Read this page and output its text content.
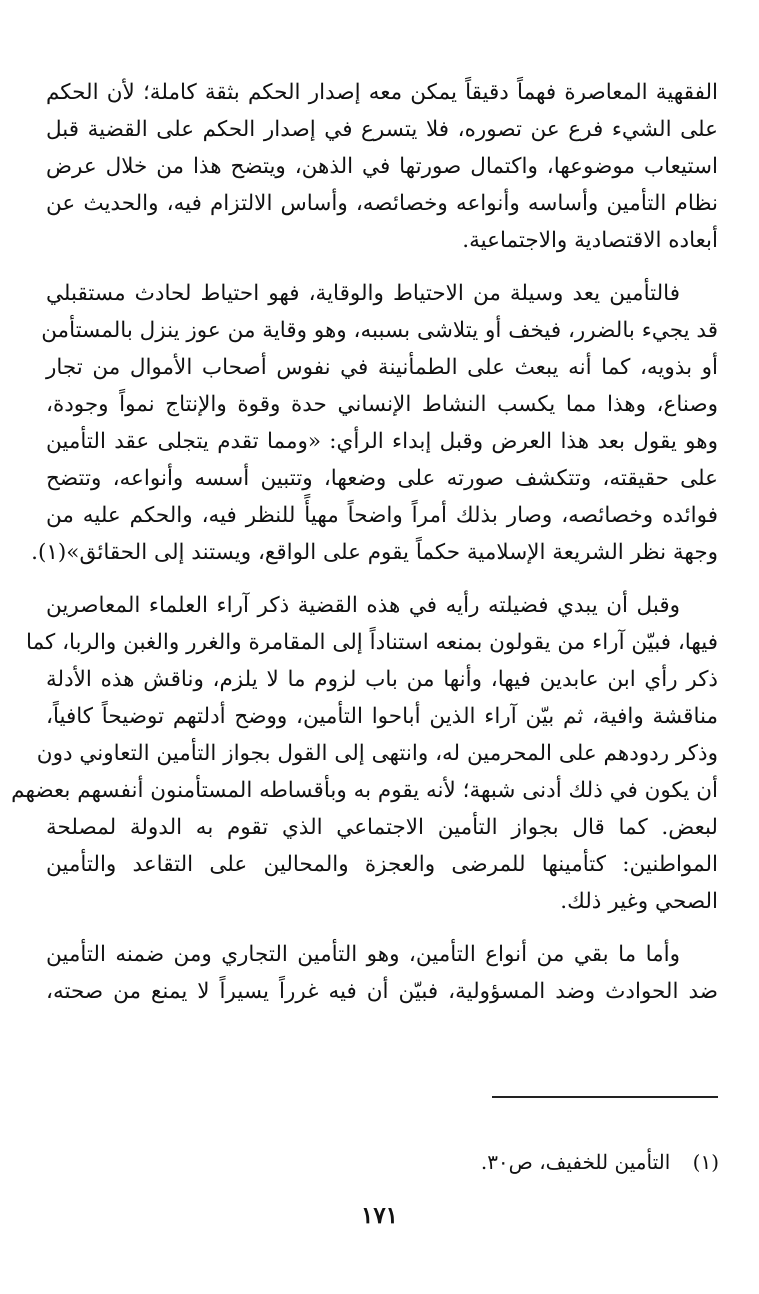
الفقهية المعاصرة فهماً دقيقاً يمكن معه إصدار الحكم بثقة كاملة؛ لأن الحكم
على الشيء فرع عن تصوره، فلا يتسرع في إصدار الحكم على القضية قبل
استيعاب موضوعها، واكتمال صورتها في الذهن، ويتضح هذا من خلال عرض
نظام التأمين وأساسه وأنواعه وخصائصه، وأساس الالتزام فيه، والحديث عن
أبعاده الاقتصادية والاجتماعية.
فالتأمين يعد وسيلة من الاحتياط والوقاية، فهو احتياط لحادث مستقبلي
قد يجيء بالضرر، فيخف أو يتلاشى بسببه، وهو وقاية من عوز ينزل بالمستأمن
أو بذويه، كما أنه يبعث على الطمأنينة في نفوس أصحاب الأموال من تجار
وصناع، وهذا مما يكسب النشاط الإنساني حدة وقوة والإنتاج نمواً وجودة،
وهو يقول بعد هذا العرض وقبل إبداء الرأي: «ومما تقدم يتجلى عقد التأمين
على حقيقته، وتتكشف صورته على وضعها، وتتبين أسسه وأنواعه، وتتضح
فوائده وخصائصه، وصار بذلك أمراً واضحاً مهيأً للنظر فيه، والحكم عليه من
وجهة نظر الشريعة الإسلامية حكماً يقوم على الواقع، ويستند إلى الحقائق»(١).
وقبل أن يبدي فضيلته رأيه في هذه القضية ذكر آراء العلماء المعاصرين
فيها، فبيّن آراء من يقولون بمنعه استناداً إلى المقامرة والغرر والغبن والربا، كما
ذكر رأي ابن عابدين فيها، وأنها من باب لزوم ما لا يلزم، وناقش هذه الأدلة
مناقشة وافية، ثم بيّن آراء الذين أباحوا التأمين، ووضح أدلتهم توضيحاً كافياً،
وذكر ردودهم على المحرمين له، وانتهى إلى القول بجواز التأمين التعاوني دون
أن يكون في ذلك أدنى شبهة؛ لأنه يقوم به وبأقساطه المستأمنون أنفسهم بعضهم
لبعض. كما قال بجواز التأمين الاجتماعي الذي تقوم به الدولة لمصلحة
المواطنين: كتأمينها للمرضى والعجزة والمحالين على التقاعد والتأمين
الصحي وغير ذلك.
وأما ما بقي من أنواع التأمين، وهو التأمين التجاري ومن ضمنه التأمين
ضد الحوادث وضد المسؤولية، فبيّن أن فيه غرراً يسيراً لا يمنع من صحته،
(١) التأمين للخفيف، ص٣٠.
١٧١
